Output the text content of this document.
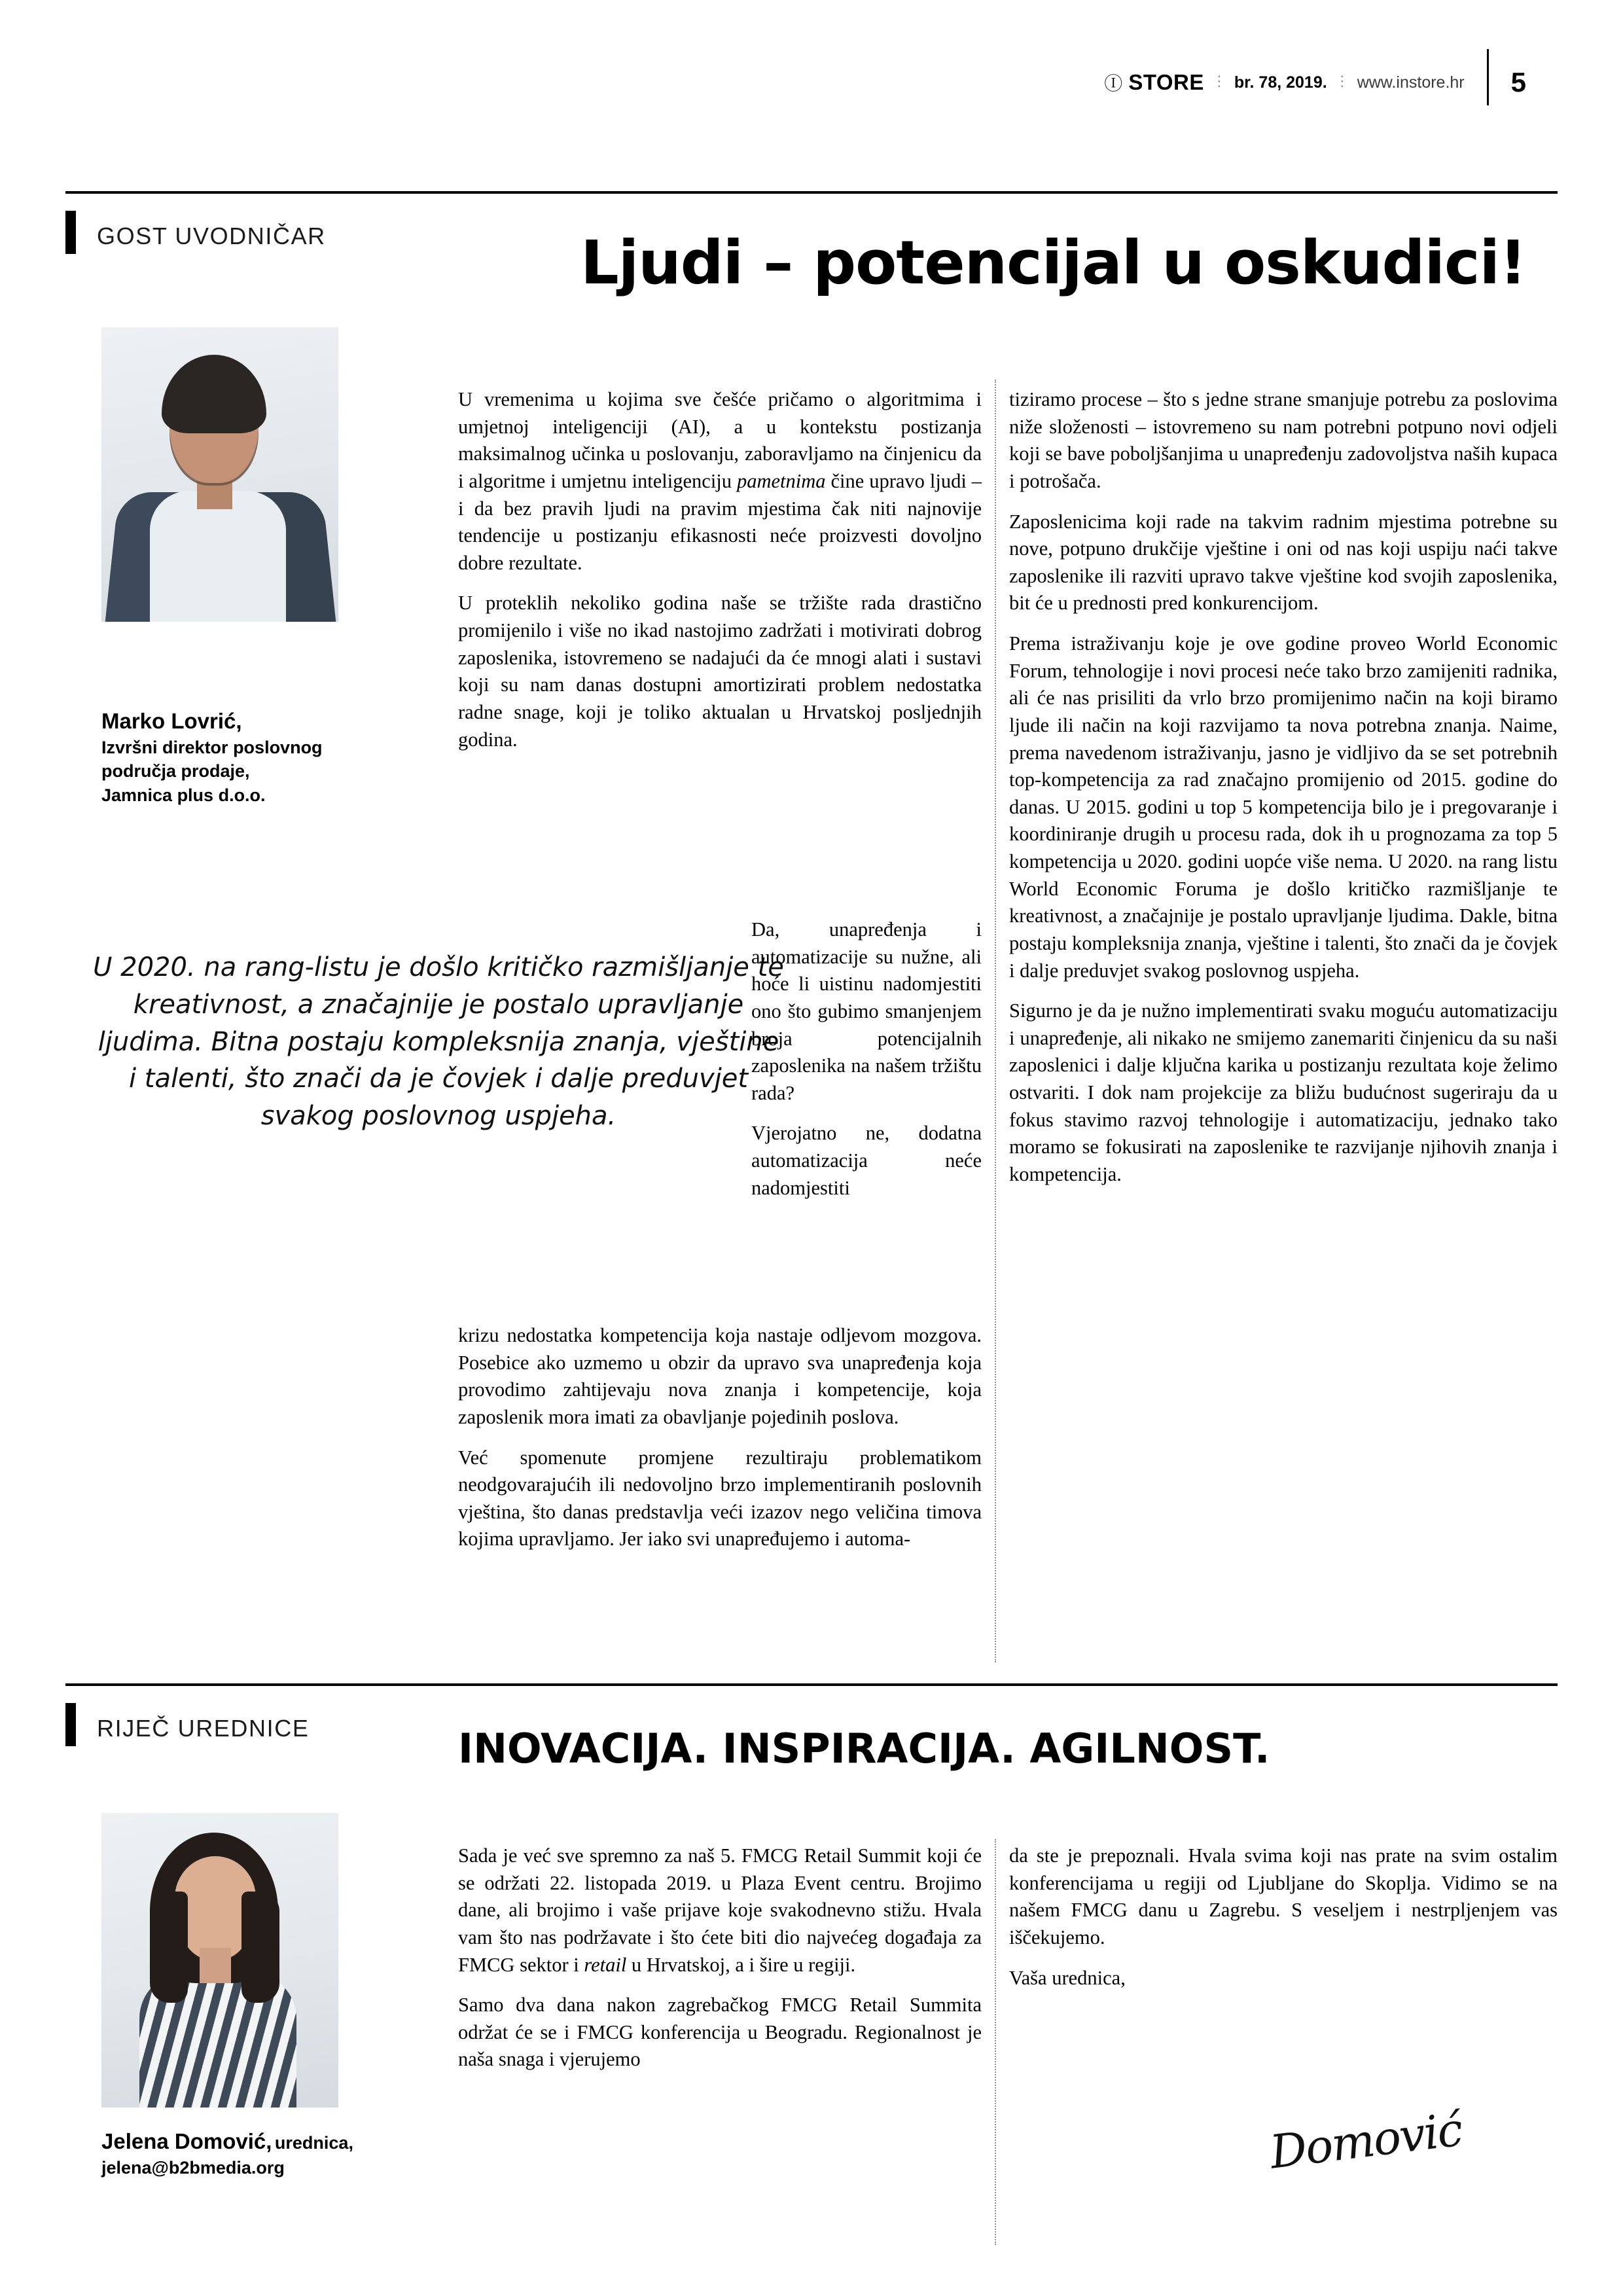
Ⓘ STORE ⋮ br. 78, 2019. ⋮ www.instore.hr 5
GOST UVODNIČAR	Ljudi – potencijal u oskudici!
Marko Lovrić,
Izvršni direktor poslovnog
područja prodaje,
Jamnica plus d.o.o.
U 2020. na rang-listu je došlo kritičko razmišljanje te kreativnost, a značajnije je postalo upravljanje ljudima. Bitna postaju kompleksnija znanja, vještine i talenti, što znači da je čovjek i dalje preduvjet svakog poslovnog uspjeha.

U vremenima u kojima sve češće pričamo o algoritmima i umjetnoj inteligenciji (AI), a u kontekstu postizanja maksimalnog učinka u poslovanju, zaboravljamo na činjenicu da i algoritme i umjetnu inteligenciju pametnima čine upravo ljudi – i da bez pravih ljudi na pravim mjestima čak niti najnovije tendencije u postizanju efikasnosti neće proizvesti dovoljno dobre rezultate.

U proteklih nekoliko godina naše se tržište rada drastično promijenilo i više no ikad nastojimo zadržati i motivirati dobrog zaposlenika, istovremeno se nadajući da će mnogi alati i sustavi koji su nam danas dostupni amortizirati problem nedostatka radne snage, koji je toliko aktualan u Hrvatskoj posljednjih godina.

Da, unapređenja i automatizacije su nužne, ali hoće li uistinu nadomjestiti ono što gubimo smanjenjem broja potencijalnih zaposlenika na našem tržištu rada?

Vjerojatno ne, dodatna automatizacija neće nadomjestiti

krizu nedostatka kompetencija koja nastaje odljevom mozgova. Posebice ako uzmemo u obzir da upravo sva unapređenja koja provodimo zahtijevaju nova znanja i kompetencije, koja zaposlenik mora imati za obavljanje pojedinih poslova.

Već spomenute promjene rezultiraju problematikom neodgovarajućih ili nedovoljno brzo implementiranih poslovnih vještina, što danas predstavlja veći izazov nego veličina timova kojima upravljamo. Jer iako svi unapređujemo i automa-

tiziramo procese – što s jedne strane smanjuje potrebu za poslovima niže složenosti – istovremeno su nam potrebni potpuno novi odjeli koji se bave poboljšanjima u unapređenju zadovoljstva naših kupaca i potrošača.

Zaposlenicima koji rade na takvim radnim mjestima potrebne su nove, potpuno drukčije vještine i oni od nas koji uspiju naći takve zaposlenike ili razviti upravo takve vještine kod svojih zaposlenika, bit će u prednosti pred konkurencijom.

Prema istraživanju koje je ove godine proveo World Economic Forum, tehnologije i novi procesi neće tako brzo zamijeniti radnika, ali će nas prisiliti da vrlo brzo promijenimo način na koji biramo ljude ili način na koji razvijamo ta nova potrebna znanja. Naime, prema navedenom istraživanju, jasno je vidljivo da se set potrebnih top-kompetencija za rad značajno promijenio od 2015. godine do danas. U 2015. godini u top 5 kompetencija bilo je i pregovaranje i koordiniranje drugih u procesu rada, dok ih u prognozama za top 5 kompetencija u 2020. godini uopće više nema. U 2020. na rang listu World Economic Foruma je došlo kritičko razmišljanje te kreativnost, a značajnije je postalo upravljanje ljudima. Dakle, bitna postaju kompleksnija znanja, vještine i talenti, što znači da je čovjek i dalje preduvjet svakog poslovnog uspjeha.

Sigurno je da je nužno implementirati svaku moguću automatizaciju i unapređenje, ali nikako ne smijemo zanemariti činjenicu da su naši zaposlenici i dalje ključna karika u postizanju rezultata koje želimo ostvariti. I dok nam projekcije za bližu budućnost sugeriraju da u fokus stavimo razvoj tehnologije i automatizaciju, jednako tako moramo se fokusirati na zaposlenike te razvijanje njihovih znanja i kompetencija.

RIJEČ UREDNICE	INOVACIJA. INSPIRACIJA. AGILNOST.
Jelena Domović, urednica,
jelena@b2bmedia.org

Sada je već sve spremno za naš 5. FMCG Retail Summit koji će se održati 22. listopada 2019. u Plaza Event centru. Brojimo dane, ali brojimo i vaše prijave koje svakodnevno stižu. Hvala vam što nas podržavate i što ćete biti dio najvećeg događaja za FMCG sektor i retail u Hrvatskoj, a i šire u regiji.

Samo dva dana nakon zagrebačkog FMCG Retail Summita održat će se i FMCG konferencija u Beogradu. Regionalnost je naša snaga i vjerujemo

da ste je prepoznali. Hvala svima koji nas prate na svim ostalim konferencijama u regiji od Ljubljane do Skoplja. Vidimo se na našem FMCG danu u Zagrebu. S veseljem i nestrpljenjem vas iščekujemo.

Vaša urednica,

Domović
